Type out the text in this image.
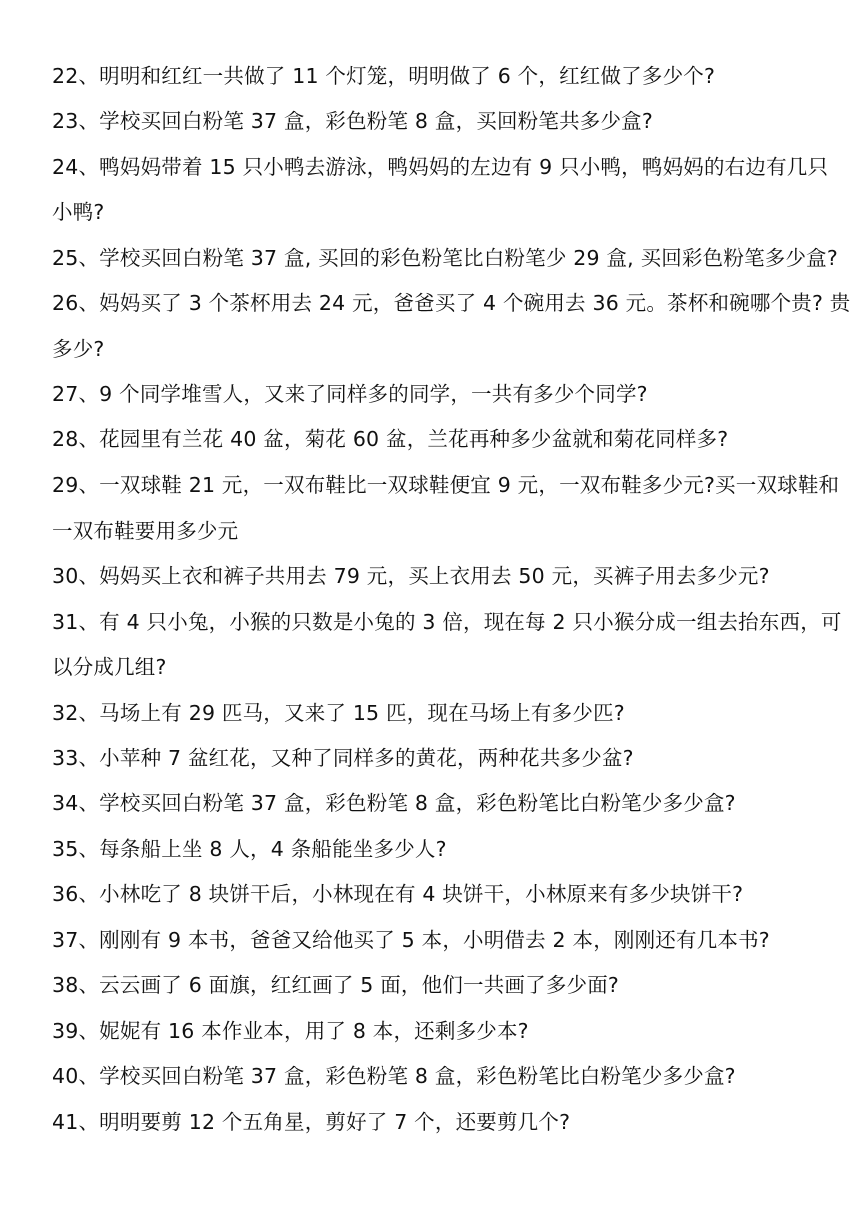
22、明明和红红一共做了 11 个灯笼，明明做了 6 个，红红做了多少个?
23、学校买回白粉笔 37 盒，彩色粉笔 8 盒，买回粉笔共多少盒?
24、鸭妈妈带着 15 只小鸭去游泳，鸭妈妈的左边有 9 只小鸭，鸭妈妈的右边有几只
小鸭?
25、学校买回白粉笔 37 盒, 买回的彩色粉笔比白粉笔少 29 盒, 买回彩色粉笔多少盒?
26、妈妈买了 3 个茶杯用去 24 元，爸爸买了 4 个碗用去 36 元。茶杯和碗哪个贵? 贵
多少?
27、9 个同学堆雪人，又来了同样多的同学，一共有多少个同学?
28、花园里有兰花 40 盆，菊花 60 盆，兰花再种多少盆就和菊花同样多?
29、一双球鞋 21 元，一双布鞋比一双球鞋便宜 9 元，一双布鞋多少元?买一双球鞋和
一双布鞋要用多少元
30、妈妈买上衣和裤子共用去 79 元，买上衣用去 50 元，买裤子用去多少元?
31、有 4 只小兔，小猴的只数是小兔的 3 倍，现在每 2 只小猴分成一组去抬东西，可
以分成几组?
32、马场上有 29 匹马，又来了 15 匹，现在马场上有多少匹?
33、小苹种 7 盆红花，又种了同样多的黄花，两种花共多少盆?
34、学校买回白粉笔 37 盒，彩色粉笔 8 盒，彩色粉笔比白粉笔少多少盒?
35、每条船上坐 8 人，4 条船能坐多少人?
36、小林吃了 8 块饼干后，小林现在有 4 块饼干，小林原来有多少块饼干?
37、刚刚有 9 本书，爸爸又给他买了 5 本，小明借去 2 本，刚刚还有几本书?
38、云云画了 6 面旗，红红画了 5 面，他们一共画了多少面?
39、妮妮有 16 本作业本，用了 8 本，还剩多少本?
40、学校买回白粉笔 37 盒，彩色粉笔 8 盒，彩色粉笔比白粉笔少多少盒?
41、明明要剪 12 个五角星，剪好了 7 个，还要剪几个?
